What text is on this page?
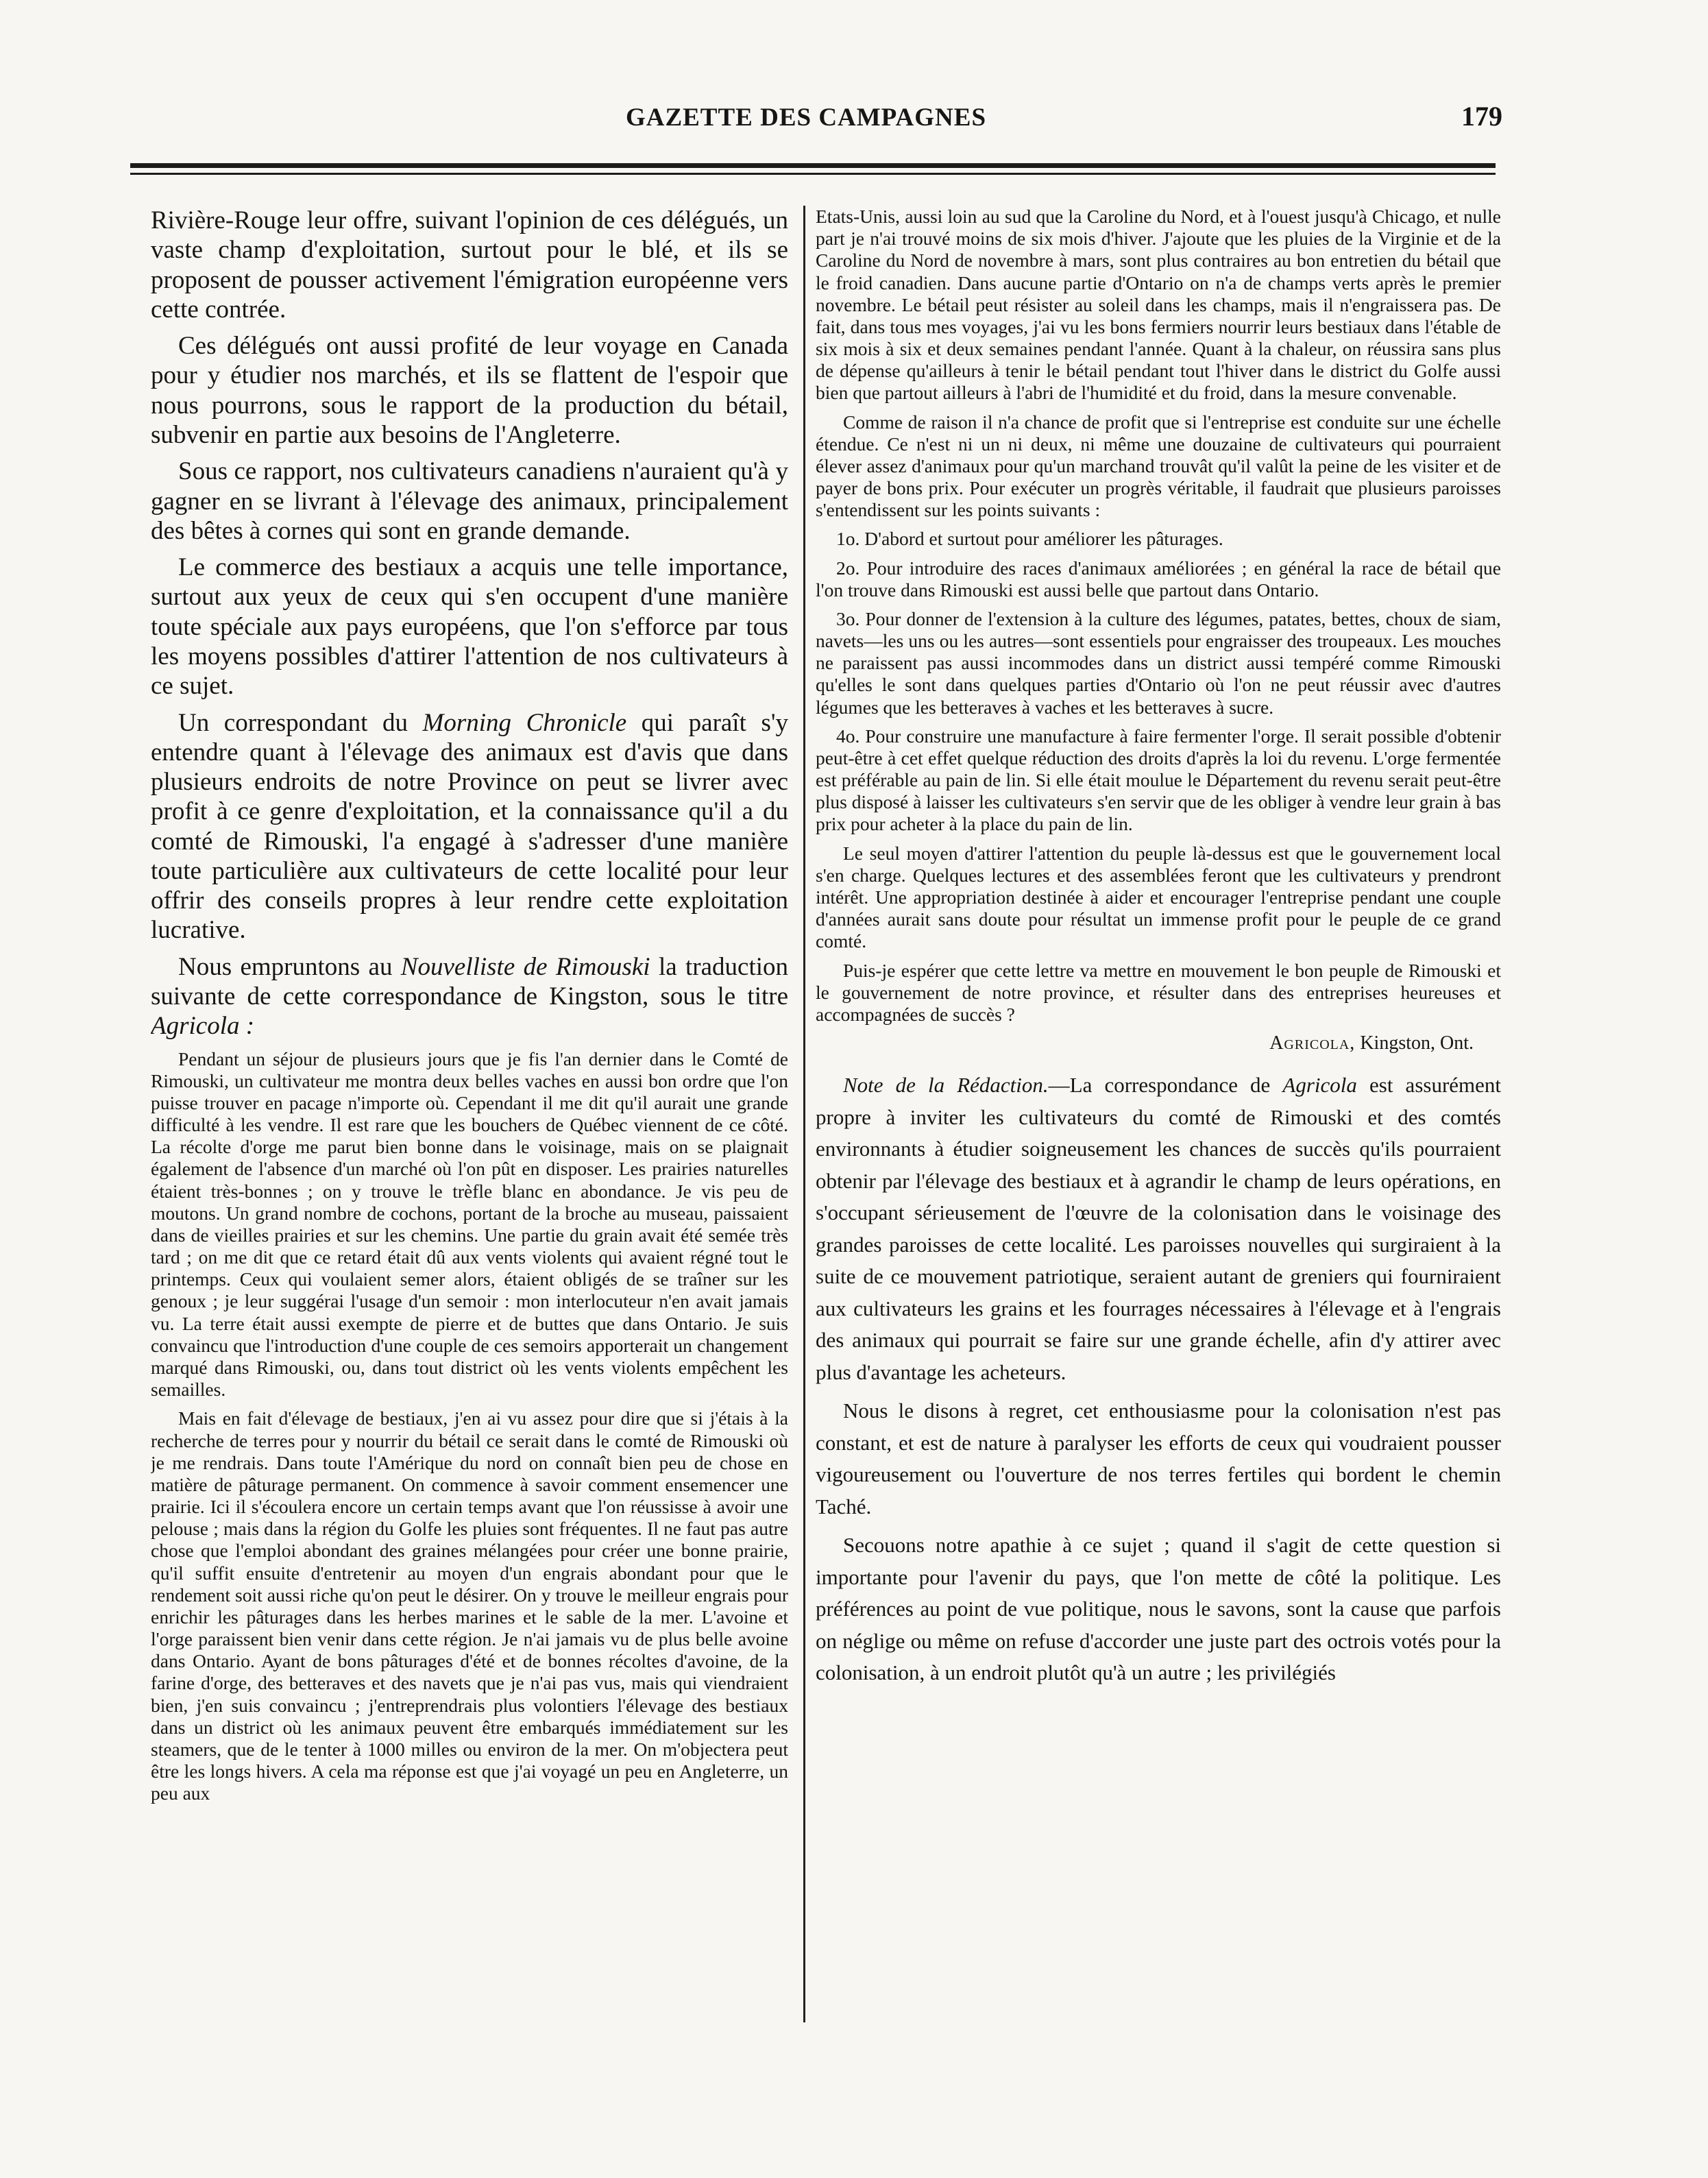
GAZETTE DES CAMPAGNES	179

Rivière-Rouge leur offre, suivant l'opinion de ces délégués, un vaste champ d'exploitation, surtout pour le blé, et ils se proposent de pousser activement l'émigration européenne vers cette contrée.

Ces délégués ont aussi profité de leur voyage en Canada pour y étudier nos marchés, et ils se flattent de l'espoir que nous pourrons, sous le rapport de la production du bétail, subvenir en partie aux besoins de l'Angleterre.

Sous ce rapport, nos cultivateurs canadiens n'auraient qu'à y gagner en se livrant à l'élevage des animaux, principalement des bêtes à cornes qui sont en grande demande.

Le commerce des bestiaux a acquis une telle importance, surtout aux yeux de ceux qui s'en occupent d'une manière toute spéciale aux pays européens, que l'on s'efforce par tous les moyens possibles d'attirer l'attention de nos cultivateurs à ce sujet.

Un correspondant du Morning Chronicle qui paraît s'y entendre quant à l'élevage des animaux est d'avis que dans plusieurs endroits de notre Province on peut se livrer avec profit à ce genre d'exploitation, et la connaissance qu'il a du comté de Rimouski, l'a engagé à s'adresser d'une manière toute particulière aux cultivateurs de cette localité pour leur offrir des conseils propres à leur rendre cette exploitation lucrative.

Nous empruntons au Nouvelliste de Rimouski la traduction suivante de cette correspondance de Kingston, sous le titre Agricola :

Pendant un séjour de plusieurs jours que je fis l'an dernier dans le Comté de Rimouski, un cultivateur me montra deux belles vaches en aussi bon ordre que l'on puisse trouver en pacage n'importe où. Cependant il me dit qu'il aurait une grande difficulté à les vendre. Il est rare que les bouchers de Québec viennent de ce côté. La récolte d'orge me parut bien bonne dans le voisinage, mais on se plaignait également de l'absence d'un marché où l'on pût en disposer. Les prairies naturelles étaient très-bonnes ; on y trouve le trèfle blanc en abondance. Je vis peu de moutons. Un grand nombre de cochons, portant de la broche au museau, paissaient dans de vieilles prairies et sur les chemins. Une partie du grain avait été semée très tard ; on me dit que ce retard était dû aux vents violents qui avaient régné tout le printemps. Ceux qui voulaient semer alors, étaient obligés de se traîner sur les genoux ; je leur suggérai l'usage d'un semoir : mon interlocuteur n'en avait jamais vu. La terre était aussi exempte de pierre et de buttes que dans Ontario. Je suis convaincu que l'introduction d'une couple de ces semoirs apporterait un changement marqué dans Rimouski, ou, dans tout district où les vents violents empêchent les semailles.

Mais en fait d'élevage de bestiaux, j'en ai vu assez pour dire que si j'étais à la recherche de terres pour y nourrir du bétail ce serait dans le comté de Rimouski où je me rendrais. Dans toute l'Amérique du nord on connaît bien peu de chose en matière de pâturage permanent. On commence à savoir comment ensemencer une prairie. Ici il s'écoulera encore un certain temps avant que l'on réussisse à avoir une pelouse ; mais dans la région du Golfe les pluies sont fréquentes. Il ne faut pas autre chose que l'emploi abondant des graines mélangées pour créer une bonne prairie, qu'il suffit ensuite d'entretenir au moyen d'un engrais abondant pour que le rendement soit aussi riche qu'on peut le désirer. On y trouve le meilleur engrais pour enrichir les pâturages dans les herbes marines et le sable de la mer. L'avoine et l'orge paraissent bien venir dans cette région. Je n'ai jamais vu de plus belle avoine dans Ontario. Ayant de bons pâturages d'été et de bonnes récoltes d'avoine, de la farine d'orge, des betteraves et des navets que je n'ai pas vus, mais qui viendraient bien, j'en suis convaincu ; j'entreprendrais plus volontiers l'élevage des bestiaux dans un district où les animaux peuvent être embarqués immédiatement sur les steamers, que de le tenter à 1000 milles ou environ de la mer. On m'objectera peut être les longs hivers. A cela ma réponse est que j'ai voyagé un peu en Angleterre, un peu aux

Etats-Unis, aussi loin au sud que la Caroline du Nord, et à l'ouest jusqu'à Chicago, et nulle part je n'ai trouvé moins de six mois d'hiver. J'ajoute que les pluies de la Virginie et de la Caroline du Nord de novembre à mars, sont plus contraires au bon entretien du bétail que le froid canadien. Dans aucune partie d'Ontario on n'a de champs verts après le premier novembre. Le bétail peut résister au soleil dans les champs, mais il n'engraissera pas. De fait, dans tous mes voyages, j'ai vu les bons fermiers nourrir leurs bestiaux dans l'étable de six mois à six et deux semaines pendant l'année. Quant à la chaleur, on réussira sans plus de dépense qu'ailleurs à tenir le bétail pendant tout l'hiver dans le district du Golfe aussi bien que partout ailleurs à l'abri de l'humidité et du froid, dans la mesure convenable.

Comme de raison il n'a chance de profit que si l'entreprise est conduite sur une échelle étendue. Ce n'est ni un ni deux, ni même une douzaine de cultivateurs qui pourraient élever assez d'animaux pour qu'un marchand trouvât qu'il valût la peine de les visiter et de payer de bons prix. Pour exécuter un progrès véritable, il faudrait que plusieurs paroisses s'entendissent sur les points suivants :

1o. D'abord et surtout pour améliorer les pâturages.

2o. Pour introduire des races d'animaux améliorées ; en général la race de bétail que l'on trouve dans Rimouski est aussi belle que partout dans Ontario.

3o. Pour donner de l'extension à la culture des légumes, patates, bettes, choux de siam, navets—les uns ou les autres—sont essentiels pour engraisser des troupeaux. Les mouches ne paraissent pas aussi incommodes dans un district aussi tempéré comme Rimouski qu'elles le sont dans quelques parties d'Ontario où l'on ne peut réussir avec d'autres légumes que les betteraves à vaches et les betteraves à sucre.

4o. Pour construire une manufacture à faire fermenter l'orge. Il serait possible d'obtenir peut-être à cet effet quelque réduction des droits d'après la loi du revenu. L'orge fermentée est préférable au pain de lin. Si elle était moulue le Département du revenu serait peut-être plus disposé à laisser les cultivateurs s'en servir que de les obliger à vendre leur grain à bas prix pour acheter à la place du pain de lin.

Le seul moyen d'attirer l'attention du peuple là-dessus est que le gouvernement local s'en charge. Quelques lectures et des assemblées feront que les cultivateurs y prendront intérêt. Une appropriation destinée à aider et encourager l'entreprise pendant une couple d'années aurait sans doute pour résultat un immense profit pour le peuple de ce grand comté.

Puis-je espérer que cette lettre va mettre en mouvement le bon peuple de Rimouski et le gouvernement de notre province, et résulter dans des entreprises heureuses et accompagnées de succès ?

Agricola, Kingston, Ont.

Note de la Rédaction.—La correspondance de Agricola est assurément propre à inviter les cultivateurs du comté de Rimouski et des comtés environnants à étudier soigneusement les chances de succès qu'ils pourraient obtenir par l'élevage des bestiaux et à agrandir le champ de leurs opérations, en s'occupant sérieusement de l'œuvre de la colonisation dans le voisinage des grandes paroisses de cette localité. Les paroisses nouvelles qui surgiraient à la suite de ce mouvement patriotique, seraient autant de greniers qui fourniraient aux cultivateurs les grains et les fourrages nécessaires à l'élevage et à l'engrais des animaux qui pourrait se faire sur une grande échelle, afin d'y attirer avec plus d'avantage les acheteurs.

Nous le disons à regret, cet enthousiasme pour la colonisation n'est pas constant, et est de nature à paralyser les efforts de ceux qui voudraient pousser vigoureusement ou l'ouverture de nos terres fertiles qui bordent le chemin Taché.

Secouons notre apathie à ce sujet ; quand il s'agit de cette question si importante pour l'avenir du pays, que l'on mette de côté la politique. Les préférences au point de vue politique, nous le savons, sont la cause que parfois on néglige ou même on refuse d'accorder une juste part des octrois votés pour la colonisation, à un endroit plutôt qu'à un autre ; les privilégiés
